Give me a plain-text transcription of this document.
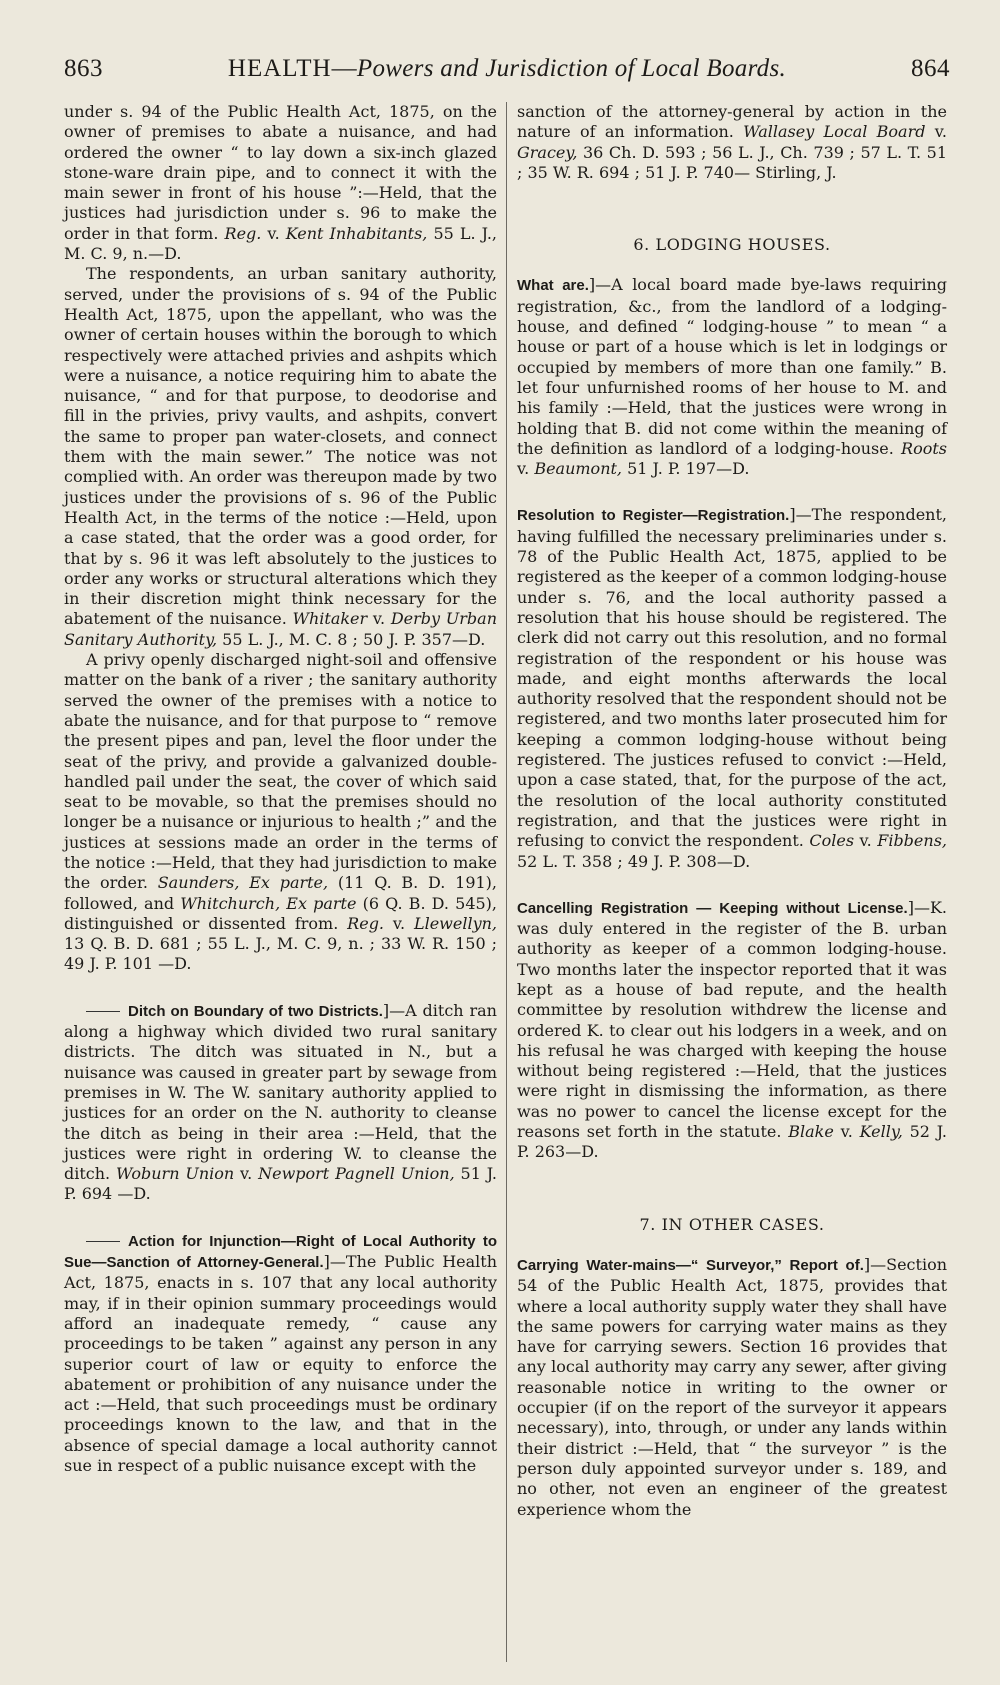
863	HEALTH—Powers and Jurisdiction of Local Boards.	864

under s. 94 of the Public Health Act, 1875, on the owner of premises to abate a nuisance, and had ordered the owner “ to lay down a six-inch glazed stone-ware drain pipe, and to connect it with the main sewer in front of his house ”:—Held, that the justices had jurisdiction under s. 96 to make the order in that form. Reg. v. Kent Inhabitants, 55 L. J., M. C. 9, n.—D.

The respondents, an urban sanitary authority, served, under the provisions of s. 94 of the Public Health Act, 1875, upon the appellant, who was the owner of certain houses within the borough to which respectively were attached privies and ashpits which were a nuisance, a notice requiring him to abate the nuisance, “ and for that purpose, to deodorise and fill in the privies, privy vaults, and ashpits, convert the same to proper pan water-closets, and connect them with the main sewer.” The notice was not complied with. An order was thereupon made by two justices under the provisions of s. 96 of the Public Health Act, in the terms of the notice :—Held, upon a case stated, that the order was a good order, for that by s. 96 it was left absolutely to the justices to order any works or structural alterations which they in their discretion might think necessary for the abatement of the nuisance. Whitaker v. Derby Urban Sanitary Authority, 55 L. J., M. C. 8 ; 50 J. P. 357—D.

A privy openly discharged night-soil and offensive matter on the bank of a river ; the sanitary authority served the owner of the premises with a notice to abate the nuisance, and for that purpose to “ remove the present pipes and pan, level the floor under the seat of the privy, and provide a galvanized double-handled pail under the seat, the cover of which said seat to be movable, so that the premises should no longer be a nuisance or injurious to health ;” and the justices at sessions made an order in the terms of the notice :—Held, that they had jurisdiction to make the order. Saunders, Ex parte, (11 Q. B. D. 191), followed, and Whitchurch, Ex parte (6 Q. B. D. 545), distinguished or dissented from. Reg. v. Llewellyn, 13 Q. B. D. 681 ; 55 L. J., M. C. 9, n. ; 33 W. R. 150 ; 49 J. P. 101 —D.

Ditch on Boundary of two Districts.]—A ditch ran along a highway which divided two rural sanitary districts. The ditch was situated in N., but a nuisance was caused in greater part by sewage from premises in W. The W. sanitary authority applied to justices for an order on the N. authority to cleanse the ditch as being in their area :—Held, that the justices were right in ordering W. to cleanse the ditch. Woburn Union v. Newport Pagnell Union, 51 J. P. 694 —D.

Action for Injunction—Right of Local Authority to Sue—Sanction of Attorney-General.]—The Public Health Act, 1875, enacts in s. 107 that any local authority may, if in their opinion summary proceedings would afford an inadequate remedy, “ cause any proceedings to be taken ” against any person in any superior court of law or equity to enforce the abatement or prohibition of any nuisance under the act :—Held, that such proceedings must be ordinary proceedings known to the law, and that in the absence of special damage a local authority cannot sue in respect of a public nuisance except with the

sanction of the attorney-general by action in the nature of an information. Wallasey Local Board v. Gracey, 36 Ch. D. 593 ; 56 L. J., Ch. 739 ; 57 L. T. 51 ; 35 W. R. 694 ; 51 J. P. 740— Stirling, J.

6. LODGING HOUSES.

What are.]—A local board made bye-laws requiring registration, &c., from the landlord of a lodging-house, and defined “ lodging-house ” to mean “ a house or part of a house which is let in lodgings or occupied by members of more than one family.” B. let four unfurnished rooms of her house to M. and his family :—Held, that the justices were wrong in holding that B. did not come within the meaning of the definition as landlord of a lodging-house. Roots v. Beaumont, 51 J. P. 197—D.

Resolution to Register—Registration.]—The respondent, having fulfilled the necessary preliminaries under s. 78 of the Public Health Act, 1875, applied to be registered as the keeper of a common lodging-house under s. 76, and the local authority passed a resolution that his house should be registered. The clerk did not carry out this resolution, and no formal registration of the respondent or his house was made, and eight months afterwards the local authority resolved that the respondent should not be registered, and two months later prosecuted him for keeping a common lodging-house without being registered. The justices refused to convict :—Held, upon a case stated, that, for the purpose of the act, the resolution of the local authority constituted registration, and that the justices were right in refusing to convict the respondent. Coles v. Fibbens, 52 L. T. 358 ; 49 J. P. 308—D.

Cancelling Registration — Keeping without License.]—K. was duly entered in the register of the B. urban authority as keeper of a common lodging-house. Two months later the inspector reported that it was kept as a house of bad repute, and the health committee by resolution withdrew the license and ordered K. to clear out his lodgers in a week, and on his refusal he was charged with keeping the house without being registered :—Held, that the justices were right in dismissing the information, as there was no power to cancel the license except for the reasons set forth in the statute. Blake v. Kelly, 52 J. P. 263—D.

7. IN OTHER CASES.

Carrying Water-mains—“ Surveyor,” Report of.]—Section 54 of the Public Health Act, 1875, provides that where a local authority supply water they shall have the same powers for carrying water mains as they have for carrying sewers. Section 16 provides that any local authority may carry any sewer, after giving reasonable notice in writing to the owner or occupier (if on the report of the surveyor it appears necessary), into, through, or under any lands within their district :—Held, that “ the surveyor ” is the person duly appointed surveyor under s. 189, and no other, not even an engineer of the greatest experience whom the
